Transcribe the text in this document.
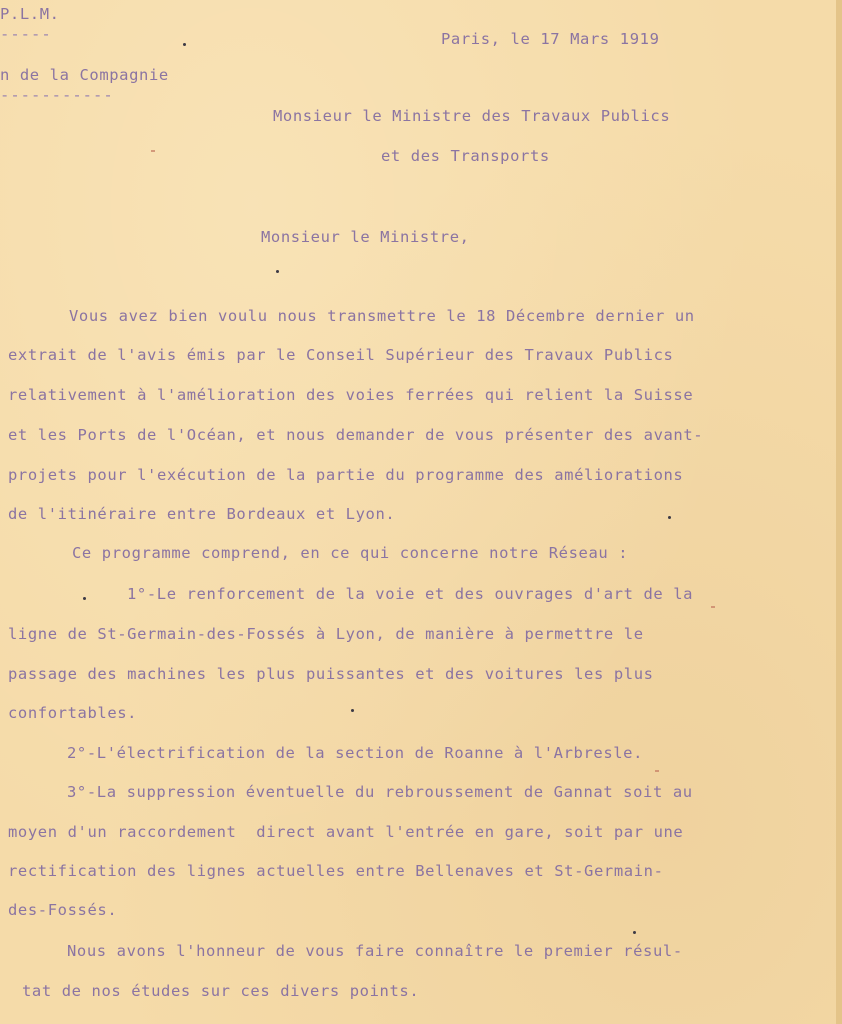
P.L.M.
-----	Paris, le 17 Mars 1919
n de la Compagnie
-----------
Monsieur le Ministre des Travaux Publics
et des Transports
Monsieur le Ministre,
Vous avez bien voulu nous transmettre le 18 Décembre dernier un
extrait de l'avis émis par le Conseil Supérieur des Travaux Publics
relativement à l'amélioration des voies ferrées qui relient la Suisse
et les Ports de l'Océan, et nous demander de vous présenter des avant-
projets pour l'exécution de la partie du programme des améliorations
de l'itinéraire entre Bordeaux et Lyon.
Ce programme comprend, en ce qui concerne notre Réseau :
1°-Le renforcement de la voie et des ouvrages d'art de la
ligne de St-Germain-des-Fossés à Lyon, de manière à permettre le
passage des machines les plus puissantes et des voitures les plus
confortables.
2°-L'électrification de la section de Roanne à l'Arbresle.
3°-La suppression éventuelle du rebroussement de Gannat soit au
moyen d'un raccordement  direct avant l'entrée en gare, soit par une
rectification des lignes actuelles entre Bellenaves et St-Germain-
des-Fossés.
Nous avons l'honneur de vous faire connaître le premier résul-
tat de nos études sur ces divers points.
